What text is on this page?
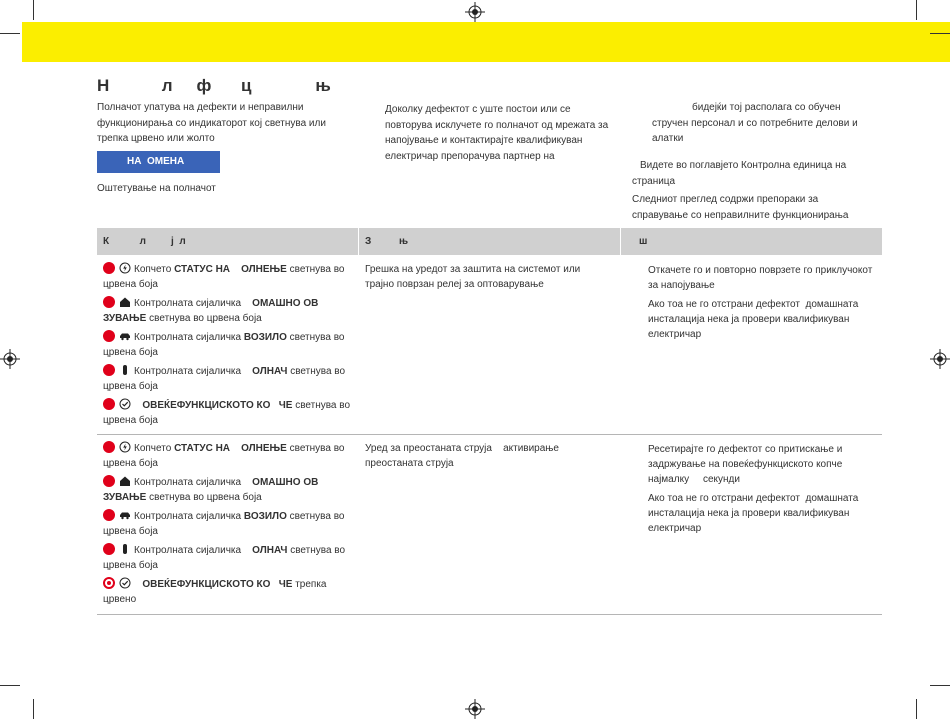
Н         л    ф     ц           њ
Полначот упатува на дефекти и неправилни функционирања со индикаторот кој светнува или трепка црвено или жолто
НА  ОМЕНА
Оштетување на полначот
Доколку дефектот с уште постои или се повторува исклучете го полначот од мрежата за напојување и контактирајте квалификуван електричар препорачува партнер на
бидејќи тој располага со обучен стручен персонал и со потребните делови и алатки
Видете во поглавјето Контролна единица на страница
Следниот преглед содржи препораки за справување со неправилните функционирања
К           л         ј  л	З          њ	ш
Копчето СТАТУС НА    ОЛНЕЊЕ светнува во црвена боја
Контролната сијаличка    ОМАШНО ОВ   ЗУВАЊЕ светнува во црвена боја
Контролната сијаличка ВОЗИЛО светнува во црвена боја
Контролната сијаличка    ОЛНАЧ светнува во црвена боја
ОВЕЌЕФУНКЦИСКОТО КО   ЧЕ светнува во црвена боја
Грешка на уредот за заштита на системот или трајно поврзан релеј за оптоварување

Откачете го и повторно поврзете го приклучокот за напојување

Ако тоа не го отстрани дефектот  домашната инсталација нека ја провери квалификуван електричар

Копчето СТАТУС НА    ОЛНЕЊЕ светнува во црвена боја
Контролната сијаличка    ОМАШНО ОВ   ЗУВАЊЕ светнува во црвена боја
Контролната сијаличка ВОЗИЛО светнува во црвена боја
Контролната сијаличка    ОЛНАЧ светнува во црвена боја
ОВЕЌЕФУНКЦИСКОТО КО   ЧЕ трепка црвено
Уред за преостаната струја    активирање преостаната струја

Ресетирајте го дефектот со притискање и задржување на повеќефункциското копче   најмалку     секунди

Ако тоа не го отстрани дефектот  домашната инсталација нека ја провери квалификуван електричар
